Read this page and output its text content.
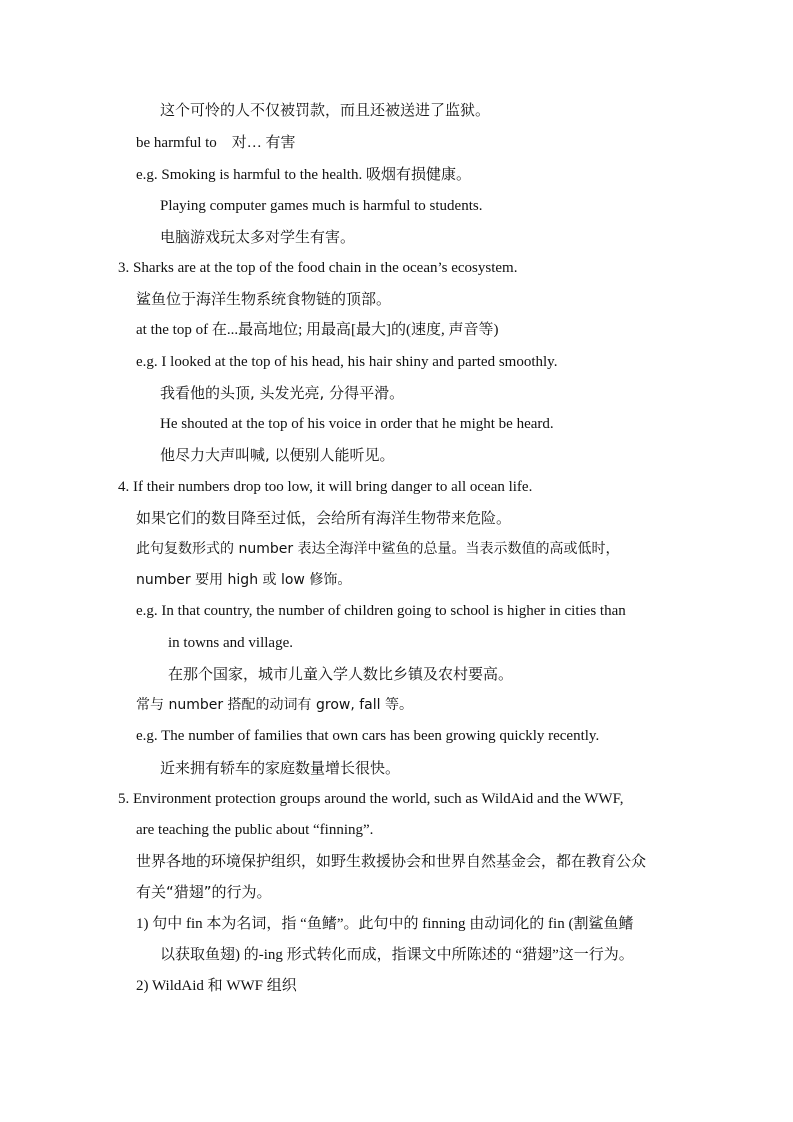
这个可怜的人不仅被罚款，而且还被送进了监狱。
be harmful to　对… 有害
e.g. Smoking is harmful to the health. 吸烟有损健康。
Playing computer games much is harmful to students.
电脑游戏玩太多对学生有害。
3. Sharks are at the top of the food chain in the ocean’s ecosystem.
鲨鱼位于海洋生物系统食物链的顶部。
at the top of 在...最高地位; 用最高[最大]的(速度, 声音等)
e.g. I looked at the top of his head, his hair shiny and parted smoothly.
我看他的头顶, 头发光亮, 分得平滑。
He shouted at the top of his voice in order that he might be heard.
他尽力大声叫喊, 以便别人能听见。
4. If their numbers drop too low, it will bring danger to all ocean life.
如果它们的数目降至过低，会给所有海洋生物带来危险。
此句复数形式的 number 表达全海洋中鲨鱼的总量。当表示数值的高或低时，
number 要用 high 或 low 修饰。
e.g. In that country, the number of children going to school is higher in cities than
in towns and village.
在那个国家，城市儿童入学人数比乡镇及农村要高。
常与 number 搭配的动词有 grow, fall 等。
e.g. The number of families that own cars has been growing quickly recently.
近来拥有轿车的家庭数量增长很快。
5. Environment protection groups around the world, such as WildAid and the WWF,
are teaching the public about “finning”.
世界各地的环境保护组织，如野生救援协会和世界自然基金会，都在教育公众
有关“猎翅”的行为。
1) 句中 fin 本为名词，指 “鱼鳍”。此句中的 finning 由动词化的 fin (割鲨鱼鳍
以获取鱼翅) 的-ing 形式转化而成，指课文中所陈述的 “猎翅”这一行为。
2) WildAid 和 WWF 组织
